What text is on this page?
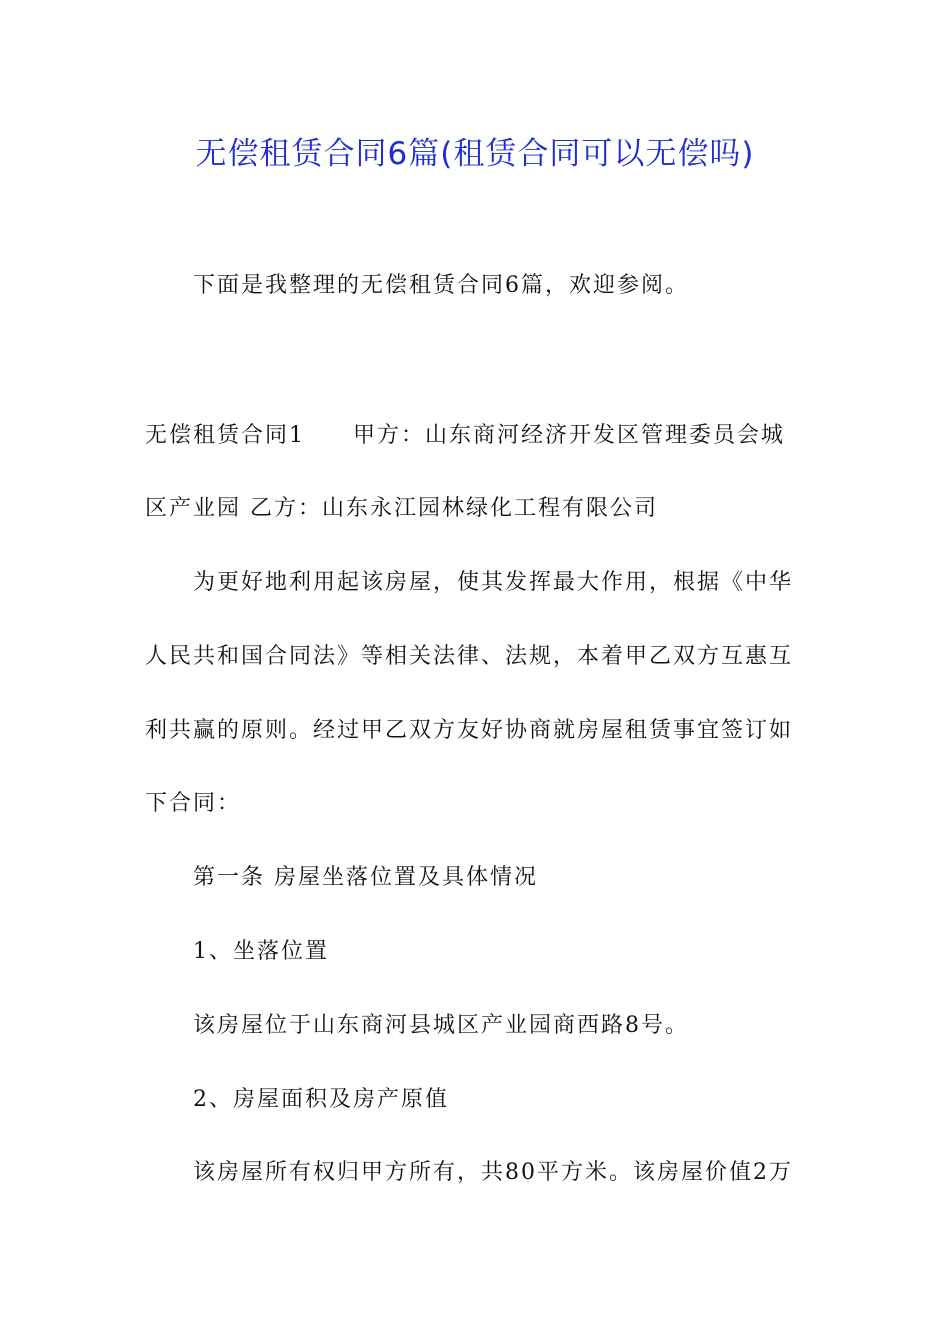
无偿租赁合同6篇(租赁合同可以无偿吗)
下面是我整理的无偿租赁合同6篇，欢迎参阅。
无偿租赁合同1　　甲方：山东商河经济开发区管理委员会城
区产业园 乙方：山东永江园林绿化工程有限公司
为更好地利用起该房屋，使其发挥最大作用，根据《中华
人民共和国合同法》等相关法律、法规，本着甲乙双方互惠互
利共赢的原则。经过甲乙双方友好协商就房屋租赁事宜签订如
下合同：
第一条 房屋坐落位置及具体情况
1、坐落位置
该房屋位于山东商河县城区产业园商西路8号。
2、房屋面积及房产原值
该房屋所有权归甲方所有，共80平方米。该房屋价值2万
